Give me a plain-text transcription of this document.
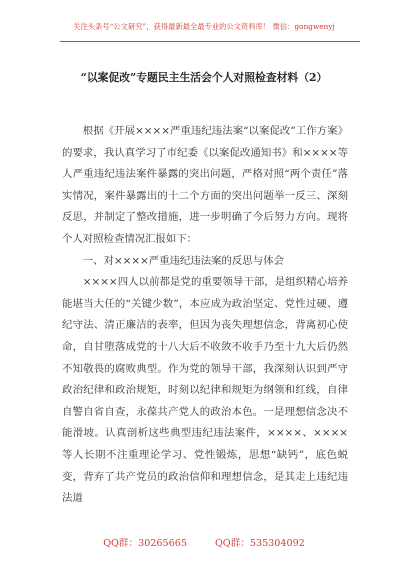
关注头条号“公文研究”，获得最新最全最专业的公文资料库！ 微信：gongwenyj
“以案促改”专题民主生活会个人对照检查材料（2）

根据《开展××××严重违纪违法案“以案促改”工作方案》的要求，我认真学习了市纪委《以案促改通知书》和××××等人严重违纪违法案件暴露的突出问题，严格对照“两个责任”落实情况，案件暴露出的十二个方面的突出问题举一反三、深刻反思，并制定了整改措施，进一步明确了今后努力方向。现将个人对照检查情况汇报如下：

一、对××××严重违纪违法案的反思与体会

××××四人以前都是党的重要领导干部，是组织精心培养能堪当大任的“关键少数”，本应成为政治坚定、党性过硬、遵纪守法、清正廉洁的表率，但因为丧失理想信念，背离初心使命，自甘堕落成党的十八大后不收敛不收手乃至十九大后仍然不知敬畏的腐败典型。作为党的领导干部，我深刻认识到严守政治纪律和政治规矩，时刻以纪律和规矩为纲领和红线，自律自警自省自查，永葆共产党人的政治本色。一是理想信念决不能滑坡。认真剖析这些典型违纪违法案件，××××、××××等人长期不注重理论学习、党性锻炼，思想“缺钙”，底色蜕变，背弃了共产党员的政治信仰和理想信念，是其走上违纪违法道

QQ群：30265665	QQ群：535304092
